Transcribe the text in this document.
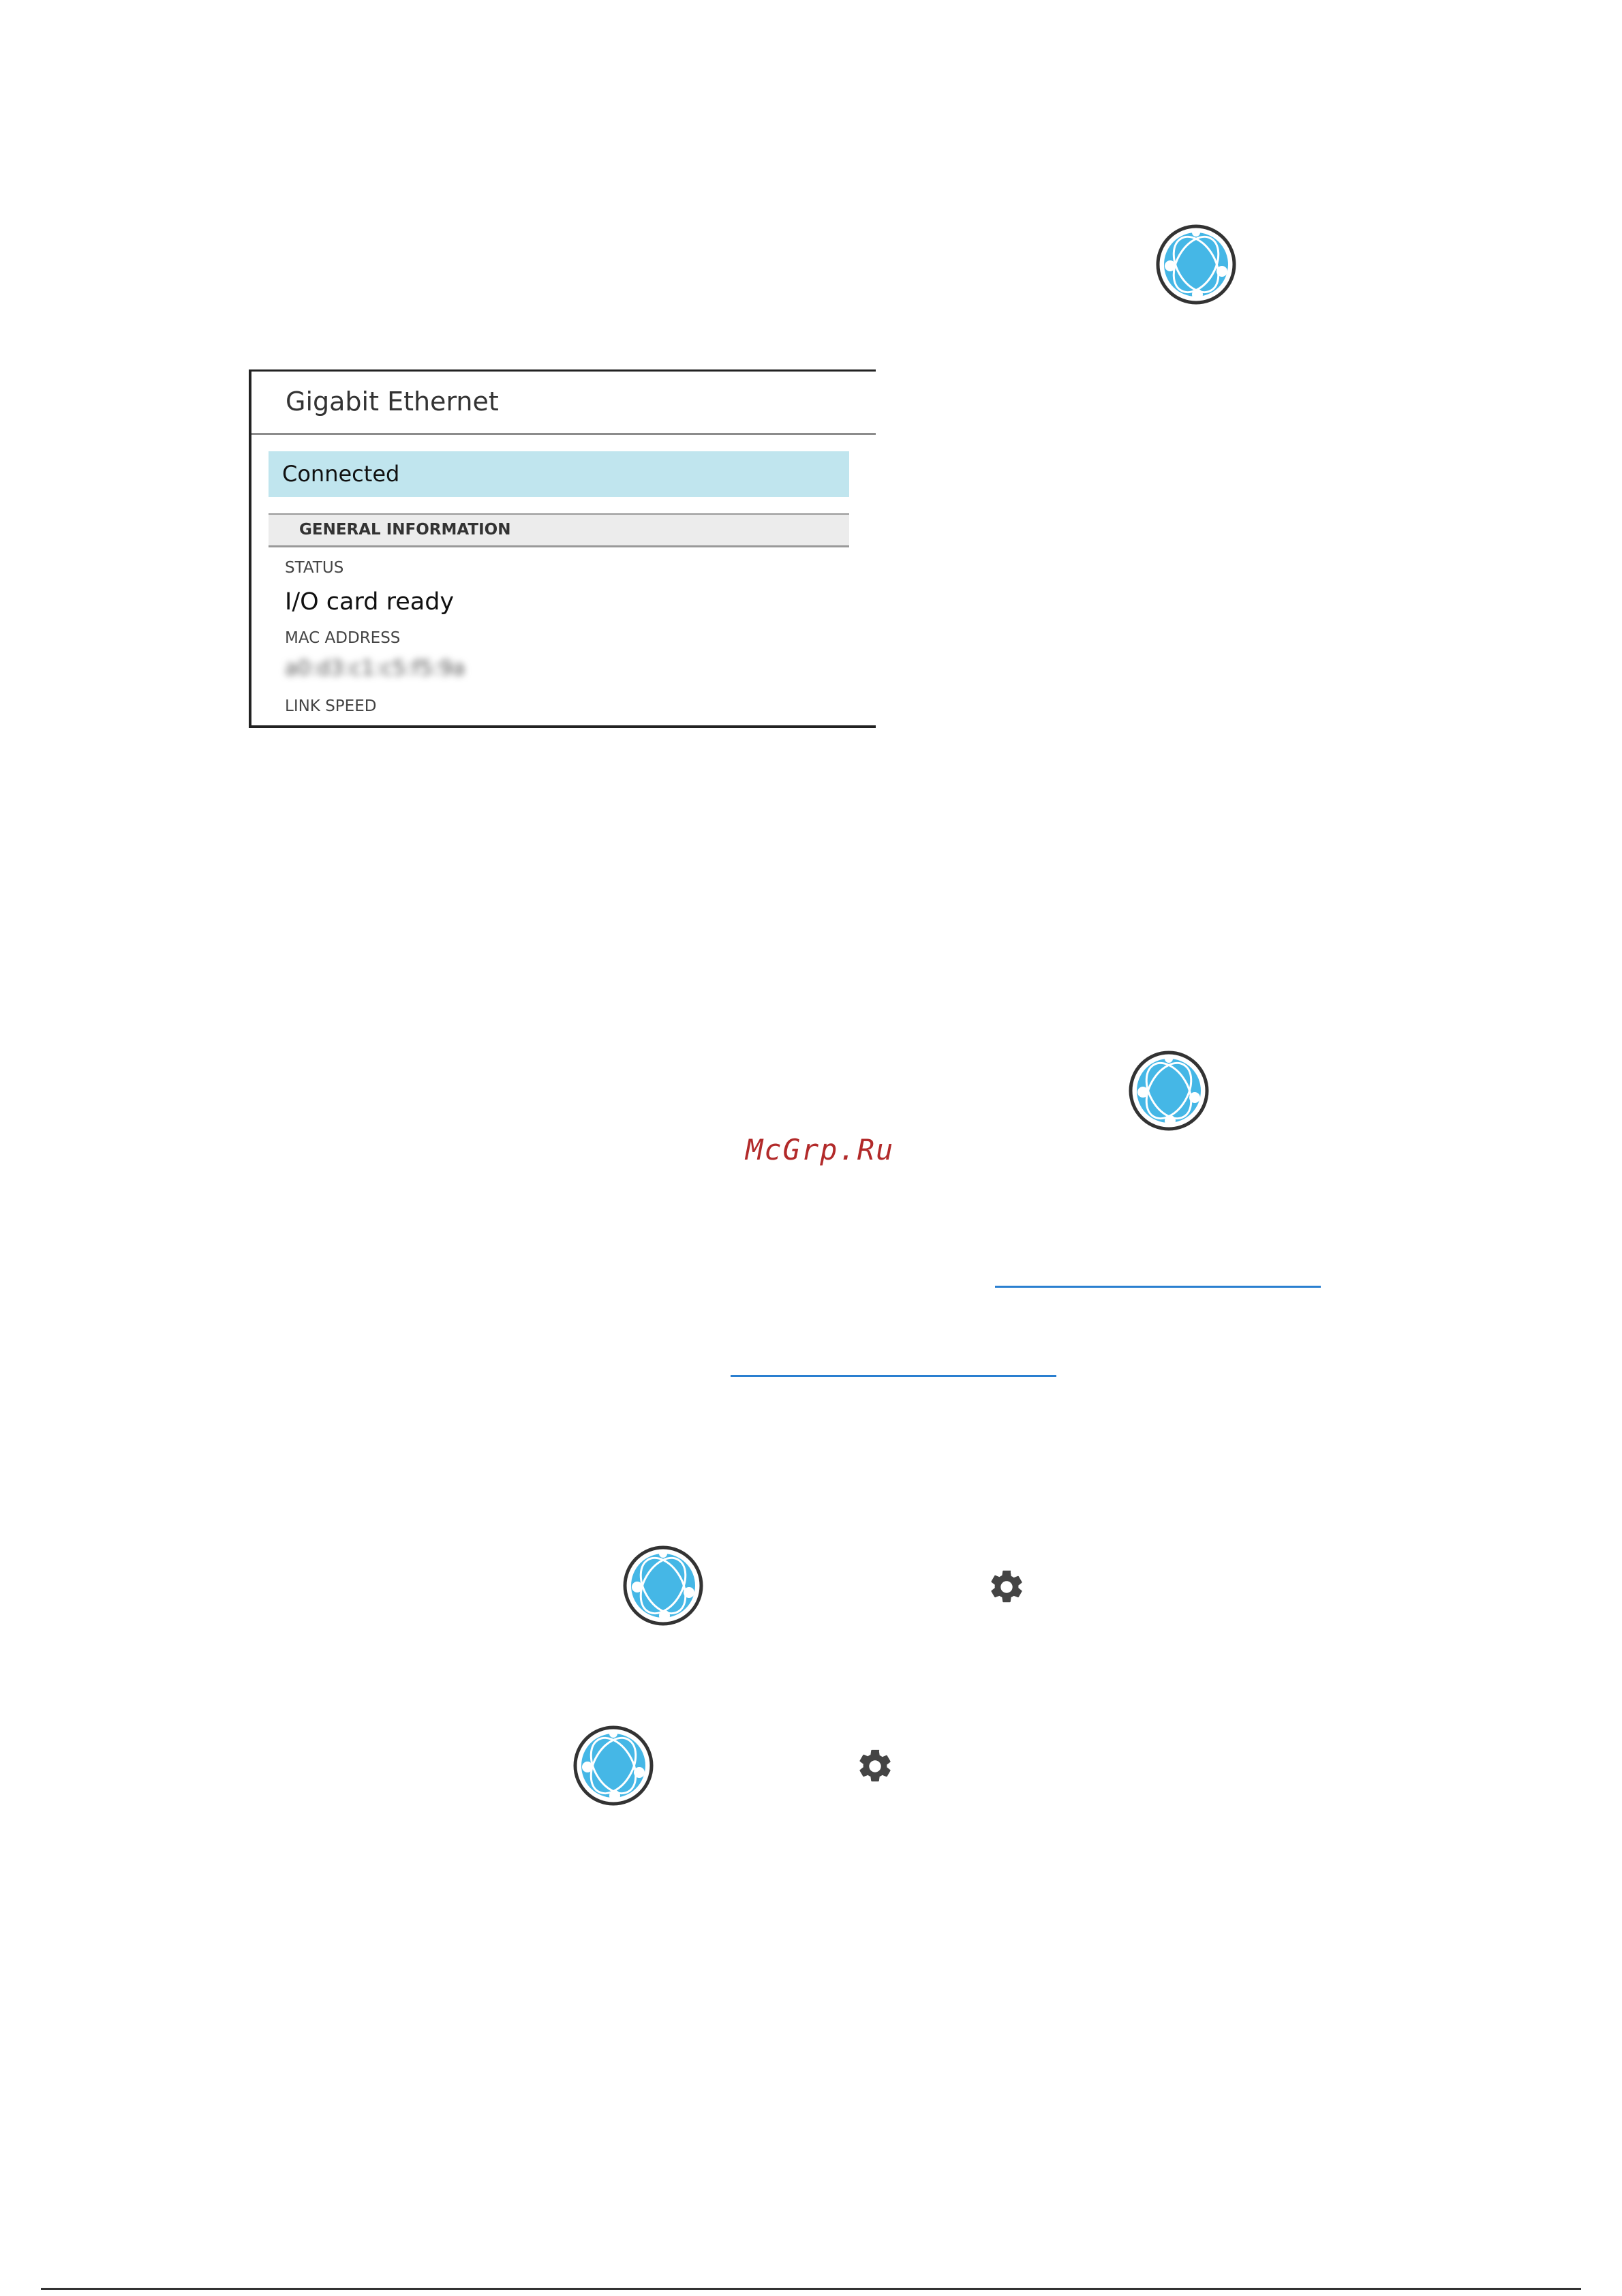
Gigabit Ethernet
Connected
GENERAL INFORMATION
STATUS
I/O card ready
MAC ADDRESS
a0:d3:c1:c5:f5:9a
LINK SPEED
McGrp.Ru
